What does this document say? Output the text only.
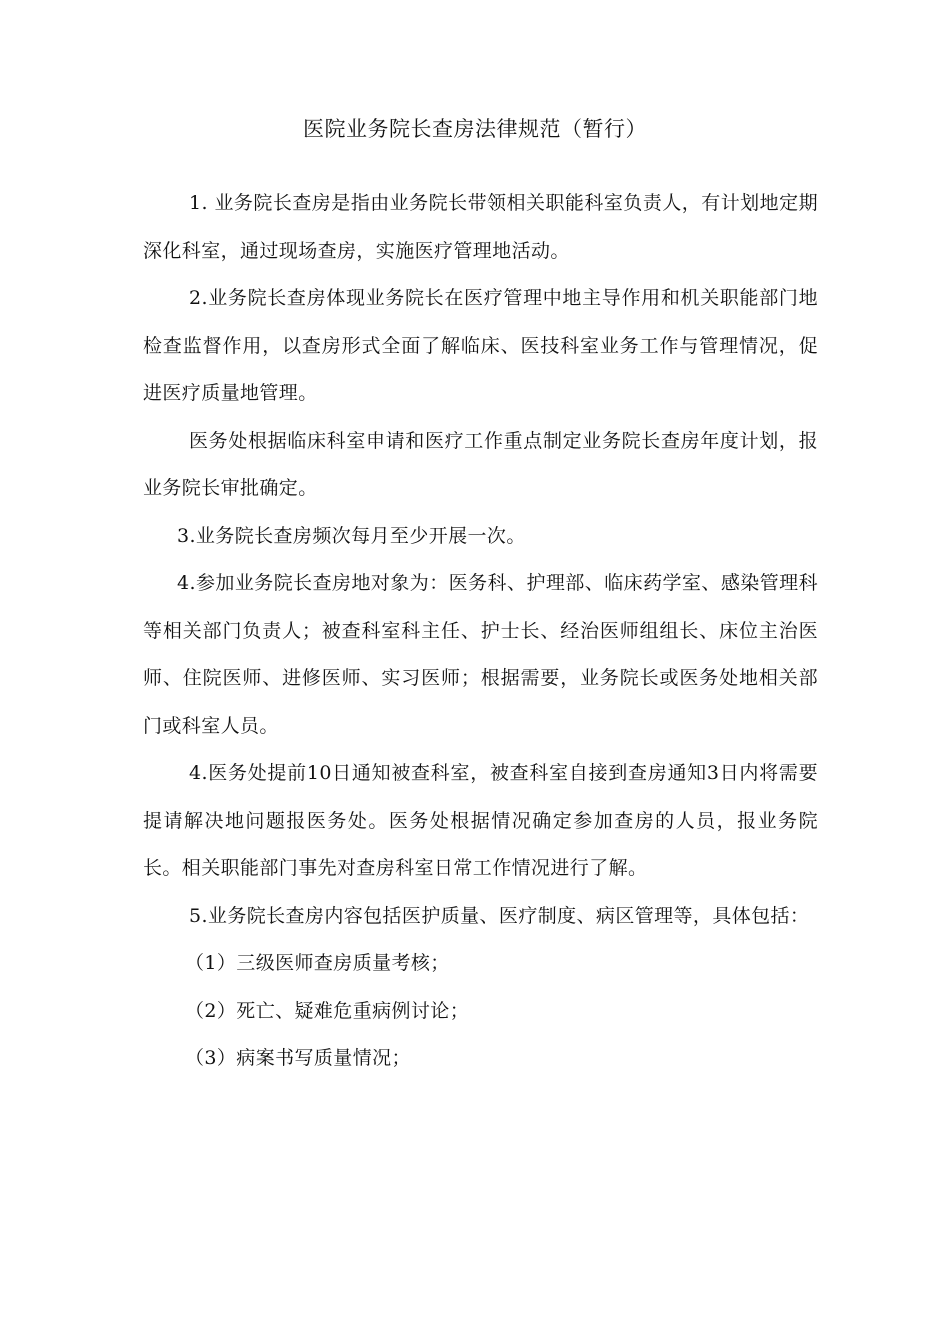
医院业务院长查房法律规范（暂行）

1. 业务院长查房是指由业务院长带领相关职能科室负责人，有计划地定期深化科室，通过现场查房，实施医疗管理地活动。

2.业务院长查房体现业务院长在医疗管理中地主导作用和机关职能部门地检查监督作用，以查房形式全面了解临床、医技科室业务工作与管理情况，促进医疗质量地管理。

医务处根据临床科室申请和医疗工作重点制定业务院长查房年度计划，报业务院长审批确定。

3.业务院长查房频次每月至少开展一次。

4.参加业务院长查房地对象为：医务科、护理部、临床药学室、感染管理科等相关部门负责人；被查科室科主任、护士长、经治医师组组长、床位主治医师、住院医师、进修医师、实习医师；根据需要，业务院长或医务处地相关部门或科室人员。

4.医务处提前10日通知被查科室，被查科室自接到查房通知3日内将需要提请解决地问题报医务处。医务处根据情况确定参加查房的人员，报业务院长。相关职能部门事先对查房科室日常工作情况进行了解。

5.业务院长查房内容包括医护质量、医疗制度、病区管理等，具体包括：

（1）三级医师查房质量考核；

（2）死亡、疑难危重病例讨论；

（3）病案书写质量情况；
